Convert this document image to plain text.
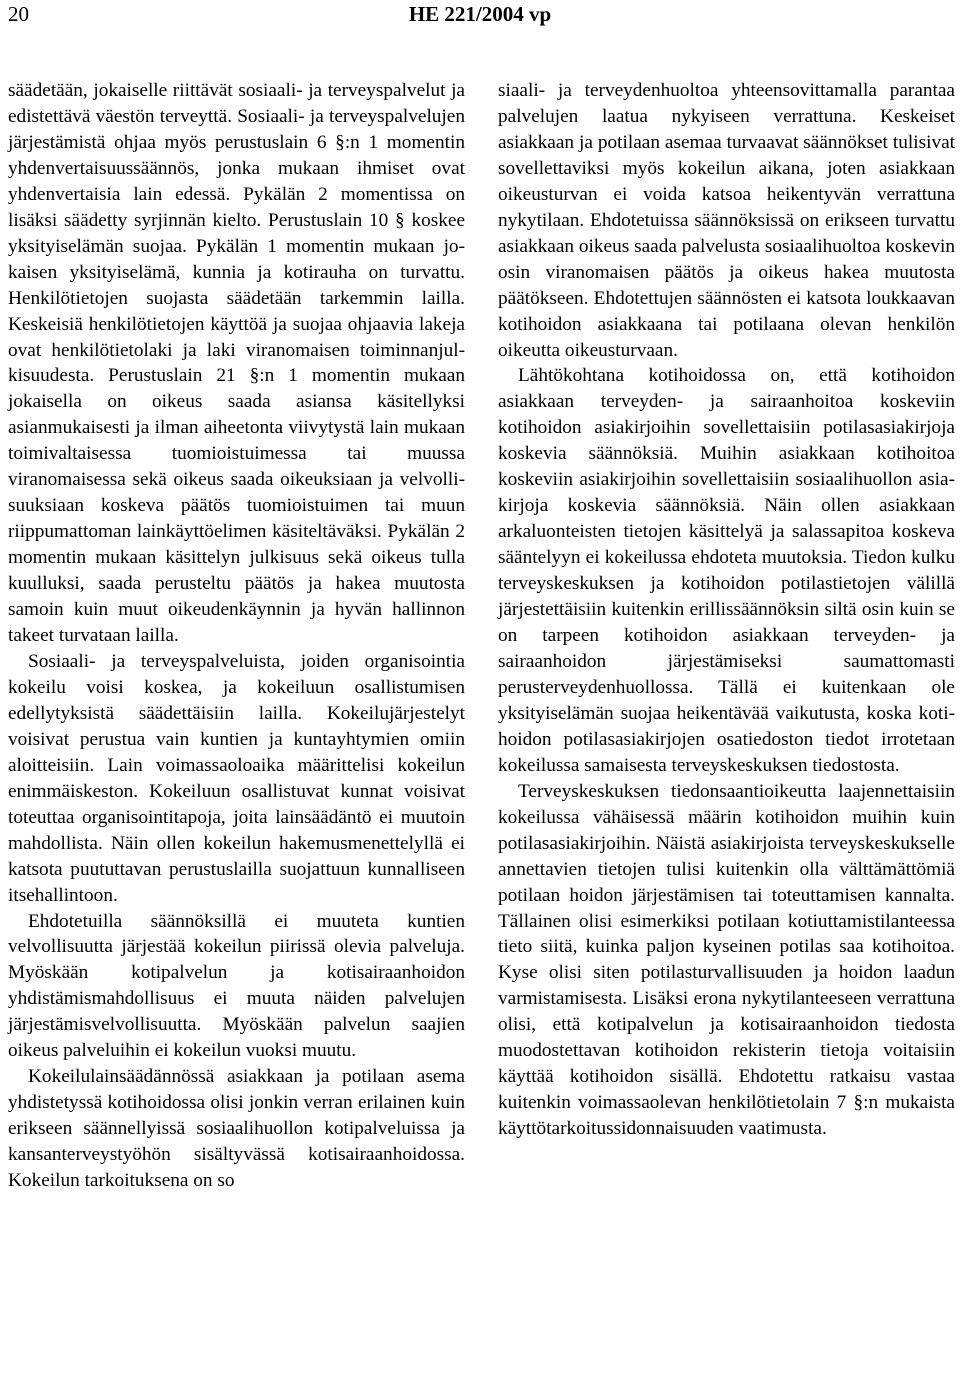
20	HE 221/2004 vp

säädetään, jokaiselle riittävät sosiaali- ja terveyspalvelut ja edistettävä väestön terveyttä. Sosiaali- ja terveyspalvelujen järjestämistä ohjaa myös perustuslain 6 §:n 1 momentin yhdenvertaisuussäännös, jonka mukaan ihmiset ovat yhdenvertaisia lain edessä. Pykälän 2 momentissa on lisäksi säädetty syrjinnän kielto. Perustuslain 10 § koskee yksityiselämän suojaa. Pykälän 1 momentin mukaan jokaisen yksityiselämä, kunnia ja kotirauha on turvattu. Henkilötietojen suojasta säädetään tarkemmin lailla. Keskeisiä henkilötietojen käyttöä ja suojaa ohjaavia lakeja ovat henkilötietolaki ja laki viranomaisen toiminnanjulkisuudesta. Perustuslain 21 §:n 1 momentin mukaan jokaisella on oikeus saada asiansa käsitellyksi asianmukaisesti ja ilman aiheetonta viivytystä lain mukaan toimivaltaisessa tuomioistuimessa tai muussa viranomaisessa sekä oikeus saada oikeuksiaan ja velvollisuuksiaan koskeva päätös tuomioistuimen tai muun riippumattoman lainkäyttöelimen käsiteltäväksi. Pykälän 2 momentin mukaan käsittelyn julkisuus sekä oikeus tulla kuulluksi, saada perusteltu päätös ja hakea muutosta samoin kuin muut oikeudenkäynnin ja hyvän hallinnon takeet turvataan lailla.

Sosiaali- ja terveyspalveluista, joiden organisointia kokeilu voisi koskea, ja kokeiluun osallistumisen edellytyksistä säädettäisiin lailla. Kokeilujärjestelyt voisivat perustua vain kuntien ja kuntayhtymien omiin aloitteisiin. Lain voimassaoloaika määrittelisi kokeilun enimmäiskeston. Kokeiluun osallistuvat kunnat voisivat toteuttaa organisointitapoja, joita lainsäädäntö ei muutoin mahdollista. Näin ollen kokeilun hakemusmenettelyllä ei katsota puututtavan perustuslailla suojattuun kunnalliseen itsehallintoon.

Ehdotetuilla säännöksillä ei muuteta kuntien velvollisuutta järjestää kokeilun piirissä olevia palveluja. Myöskään kotipalvelun ja kotisairaanhoidon yhdistämismahdollisuus ei muuta näiden palvelujen järjestämisvelvollisuutta. Myöskään palvelun saajien oikeus palveluihin ei kokeilun vuoksi muutu.

Kokeilulainsäädännössä asiakkaan ja potilaan asema yhdistetyssä kotihoidossa olisi jonkin verran erilainen kuin erikseen säännellyissä sosiaalihuollon kotipalveluissa ja kansanterveystyöhön sisältyvässä kotisairaanhoidossa. Kokeilun tarkoituksena on so

siaali- ja terveydenhuoltoa yhteensovittamalla parantaa palvelujen laatua nykyiseen verrattuna. Keskeiset asiakkaan ja potilaan asemaa turvaavat säännökset tulisivat sovellettaviksi myös kokeilun aikana, joten asiakkaan oikeusturvan ei voida katsoa heikentyvän verrattuna nykytilaan. Ehdotetuissa säännöksissä on erikseen turvattu asiakkaan oikeus saada palvelusta sosiaalihuoltoa koskevin osin viranomaisen päätös ja oikeus hakea muutosta päätökseen. Ehdotettujen säännösten ei katsota loukkaavan kotihoidon asiakkaana tai potilaana olevan henkilön oikeutta oikeusturvaan.

Lähtökohtana kotihoidossa on, että kotihoidon asiakkaan terveyden- ja sairaanhoitoa koskeviin kotihoidon asiakirjoihin sovellettaisiin potilasasiakirjoja koskevia säännöksiä. Muihin asiakkaan kotihoitoa koskeviin asiakirjoihin sovellettaisiin sosiaalihuollon asiakirjoja koskevia säännöksiä. Näin ollen asiakkaan arkaluonteisten tietojen käsittelyä ja salassapitoa koskeva sääntelyyn ei kokeilussa ehdoteta muutoksia. Tiedon kulku terveyskeskuksen ja kotihoidon potilastietojen välillä järjestettäisiin kuitenkin erillissäännöksin siltä osin kuin se on tarpeen kotihoidon asiakkaan terveyden- ja sairaanhoidon järjestämiseksi saumattomasti perusterveydenhuollossa. Tällä ei kuitenkaan ole yksityiselämän suojaa heikentävää vaikutusta, koska kotihoidon potilasasiakirjojen osatiedoston tiedot irrotetaan kokeilussa samaisesta terveyskeskuksen tiedostosta.

Terveyskeskuksen tiedonsaantioikeutta laajennettaisiin kokeilussa vähäisessä määrin kotihoidon muihin kuin potilasasiakirjoihin. Näistä asiakirjoista terveyskeskukselle annettavien tietojen tulisi kuitenkin olla välttämättömiä potilaan hoidon järjestämisen tai toteuttamisen kannalta. Tällainen olisi esimerkiksi potilaan kotiuttamistilanteessa tieto siitä, kuinka paljon kyseinen potilas saa kotihoitoa. Kyse olisi siten potilasturvallisuuden ja hoidon laadun varmistamisesta. Lisäksi erona nykytilanteeseen verrattuna olisi, että kotipalvelun ja kotisairaanhoidon tiedosta muodostettavan kotihoidon rekisterin tietoja voitaisiin käyttää kotihoidon sisällä. Ehdotettu ratkaisu vastaa kuitenkin voimassaolevan henkilötietolain 7 §:n mukaista käyttötarkoitussidonnaisuuden vaatimusta.
